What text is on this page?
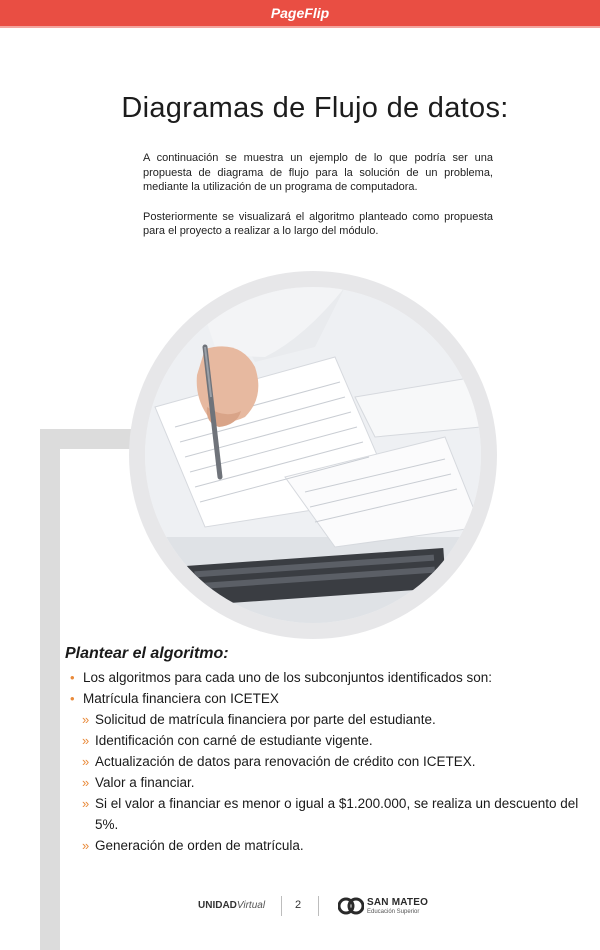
PageFlip
Diagramas de Flujo de datos:

A continuación se muestra un ejemplo de lo que podría ser una propuesta de diagrama de flujo para la solución de un problema, mediante la utilización de un programa de computadora.

Posteriormente se visualizará el algoritmo planteado como propuesta para el proyecto a realizar a lo largo del módulo.

Plantear el algoritmo:
• Los algoritmos para cada uno de los subconjuntos identificados son:
• Matrícula financiera con ICETEX
» Solicitud de matrícula financiera por parte del estudiante.
» Identificación con carné de estudiante vigente.
» Actualización de datos para renovación de crédito con ICETEX.
» Valor a financiar.
» Si el valor a financiar es menor o igual a $1.200.000, se realiza un descuento del 5%.
» Generación de orden de matrícula.
UNIDADVirtual	2	SAN MATEO
Educación Superior
